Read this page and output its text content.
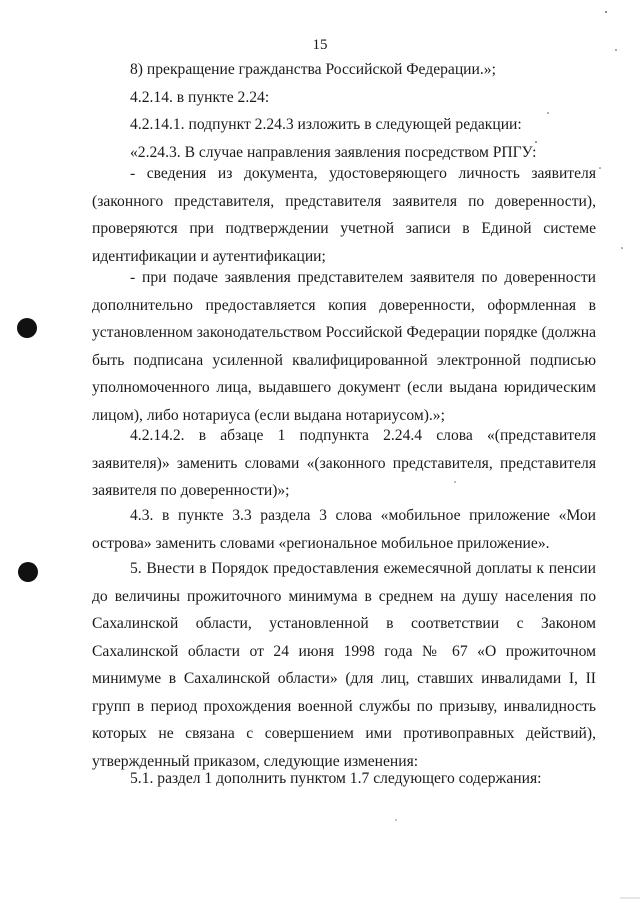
15
8) прекращение гражданства Российской Федерации.»;
4.2.14. в пункте 2.24:
4.2.14.1. подпункт 2.24.3 изложить в следующей редакции:
«2.24.3. В случае направления заявления посредством РПГУ:
- сведения из документа, удостоверяющего личность заявителя (законного представителя, представителя заявителя по доверенности), проверяются при подтверждении учетной записи в Единой системе идентификации и аутентификации;
- при подаче заявления представителем заявителя по доверенности дополнительно предоставляется копия доверенности, оформленная в установленном законодательством Российской Федерации порядке (должна быть подписана усиленной квалифицированной электронной подписью уполномоченного лица, выдавшего документ (если выдана юридическим лицом), либо нотариуса (если выдана нотариусом).»;
4.2.14.2. в абзаце 1 подпункта 2.24.4 слова «(представителя заявителя)» заменить словами «(законного представителя, представителя заявителя по доверенности)»;
4.3. в пункте 3.3 раздела 3 слова «мобильное приложение «Мои острова» заменить словами «региональное мобильное приложение».
5. Внести в Порядок предоставления ежемесячной доплаты к пенсии до величины прожиточного минимума в среднем на душу населения по Сахалинской области, установленной в соответствии с Законом Сахалинской области от 24 июня 1998 года № 67 «О прожиточном минимуме в Сахалинской области» (для лиц, ставших инвалидами I, II групп в период прохождения военной службы по призыву, инвалидность которых не связана с совершением ими противоправных действий), утвержденный приказом, следующие изменения:
5.1. раздел 1 дополнить пунктом 1.7 следующего содержания:
